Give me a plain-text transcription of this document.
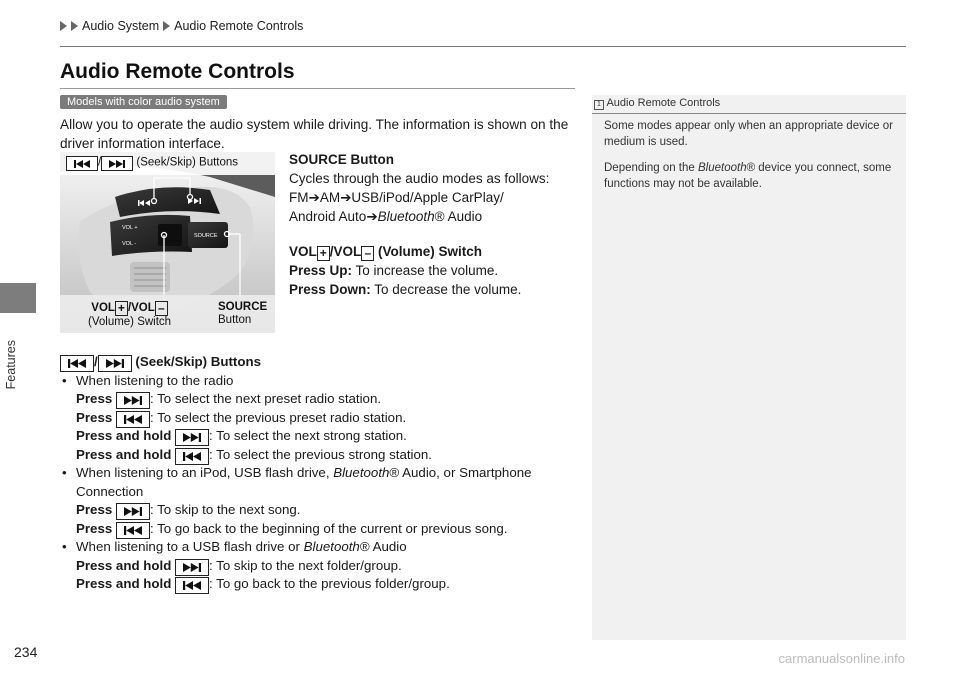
Audio System Audio Remote Controls
Features
234
Audio Remote Controls
Models with color audio system
Allow you to operate the audio system while driving. The information is shown on the driver information interface.
VOL +
VOL -
SOURCE
/	(Seek/Skip) Buttons
VOL + /VOL –
(Volume) Switch
SOURCE
Button
SOURCE Button
Cycles through the audio modes as follows:
FM➔AM➔USB/iPod/Apple CarPlay/
Android Auto➔Bluetooth® Audio
VOL + /VOL – (Volume) Switch
Press Up: To increase the volume.
Press Down: To decrease the volume.
/	(Seek/Skip) Buttons
• When listening to the radio
Press	: To select the next preset radio station.
Press	: To select the previous preset radio station.
Press and hold	: To select the next strong station.
Press and hold	: To select the previous strong station.
• When listening to an iPod, USB flash drive, Bluetooth® Audio, or Smartphone
Connection
Press	: To skip to the next song.
Press	: To go back to the beginning of the current or previous song.
• When listening to a USB flash drive or Bluetooth® Audio
Press and hold	: To skip to the next folder/group.
Press and hold	: To go back to the previous folder/group.
1 Audio Remote Controls
Some modes appear only when an appropriate device or medium is used.
Depending on the Bluetooth® device you connect, some functions may not be available.
carmanualsonline.info
